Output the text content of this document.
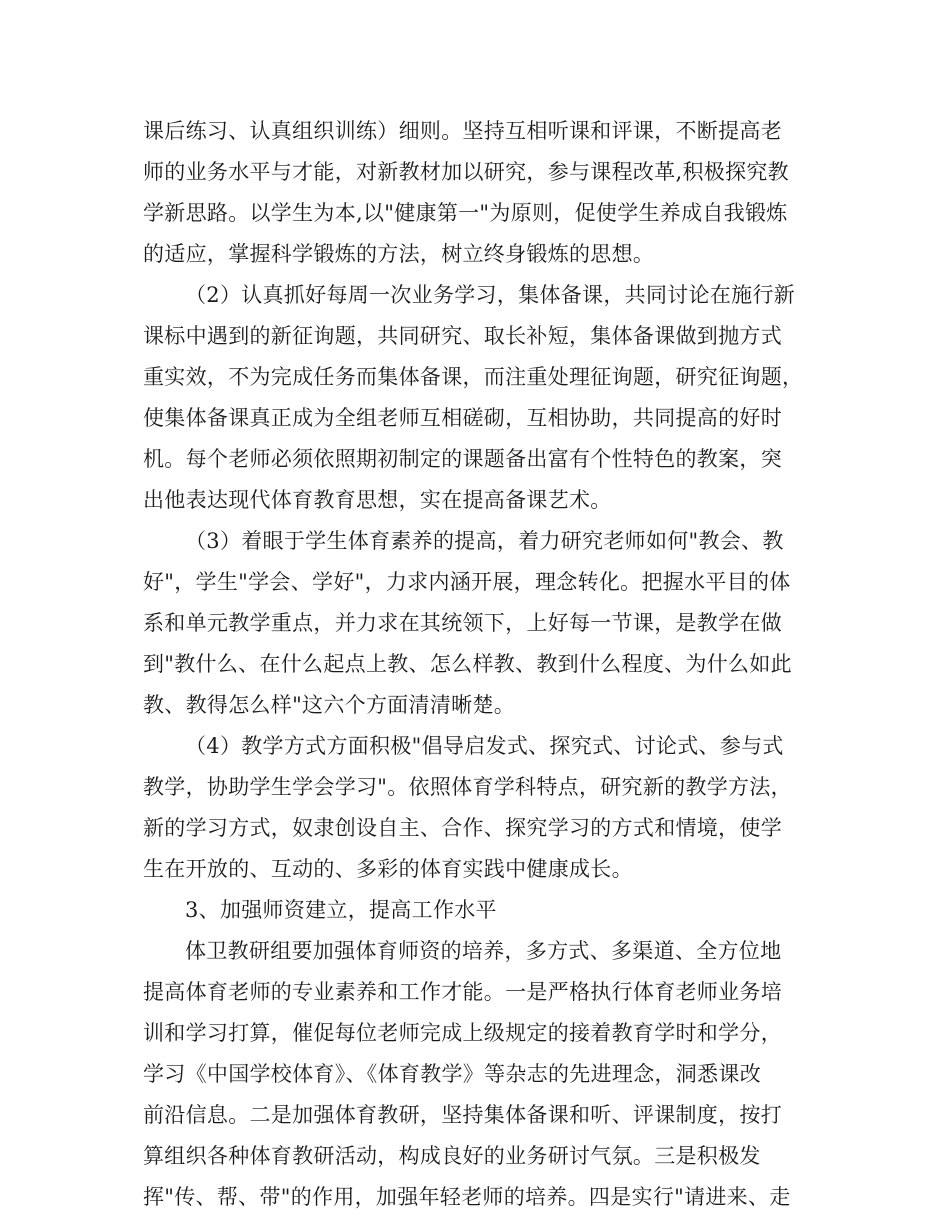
课后练习、认真组织训练）细则。坚持互相听课和评课，不断提高老
师的业务水平与才能，对新教材加以研究，参与课程改革,积极探究教
学新思路。以学生为本,以"健康第一"为原则，促使学生养成自我锻炼
的适应，掌握科学锻炼的方法，树立终身锻炼的思想。
（2）认真抓好每周一次业务学习，集体备课，共同讨论在施行新
课标中遇到的新征询题，共同研究、取长补短，集体备课做到抛方式
重实效，不为完成任务而集体备课，而注重处理征询题，研究征询题，
使集体备课真正成为全组老师互相磋砌，互相协助，共同提高的好时
机。每个老师必须依照期初制定的课题备出富有个性特色的教案，突
出他表达现代体育教育思想，实在提高备课艺术。
（3）着眼于学生体育素养的提高，着力研究老师如何"教会、教
好"，学生"学会、学好"，力求内涵开展，理念转化。把握水平目的体
系和单元教学重点，并力求在其统领下，上好每一节课，是教学在做
到"教什么、在什么起点上教、怎么样教、教到什么程度、为什么如此
教、教得怎么样"这六个方面清清晰楚。
（4）教学方式方面积极"倡导启发式、探究式、讨论式、参与式
教学，协助学生学会学习"。依照体育学科特点，研究新的教学方法，
新的学习方式，奴隶创设自主、合作、探究学习的方式和情境，使学
生在开放的、互动的、多彩的体育实践中健康成长。
3、加强师资建立，提高工作水平
体卫教研组要加强体育师资的培养，多方式、多渠道、全方位地
提高体育老师的专业素养和工作才能。一是严格执行体育老师业务培
训和学习打算，催促每位老师完成上级规定的接着教育学时和学分，
学习《中国学校体育》、《体育教学》等杂志的先进理念，洞悉课改
前沿信息。二是加强体育教研，坚持集体备课和听、评课制度，按打
算组织各种体育教研活动，构成良好的业务研讨气氛。三是积极发
挥"传、帮、带"的作用，加强年轻老师的培养。四是实行"请进来、走
